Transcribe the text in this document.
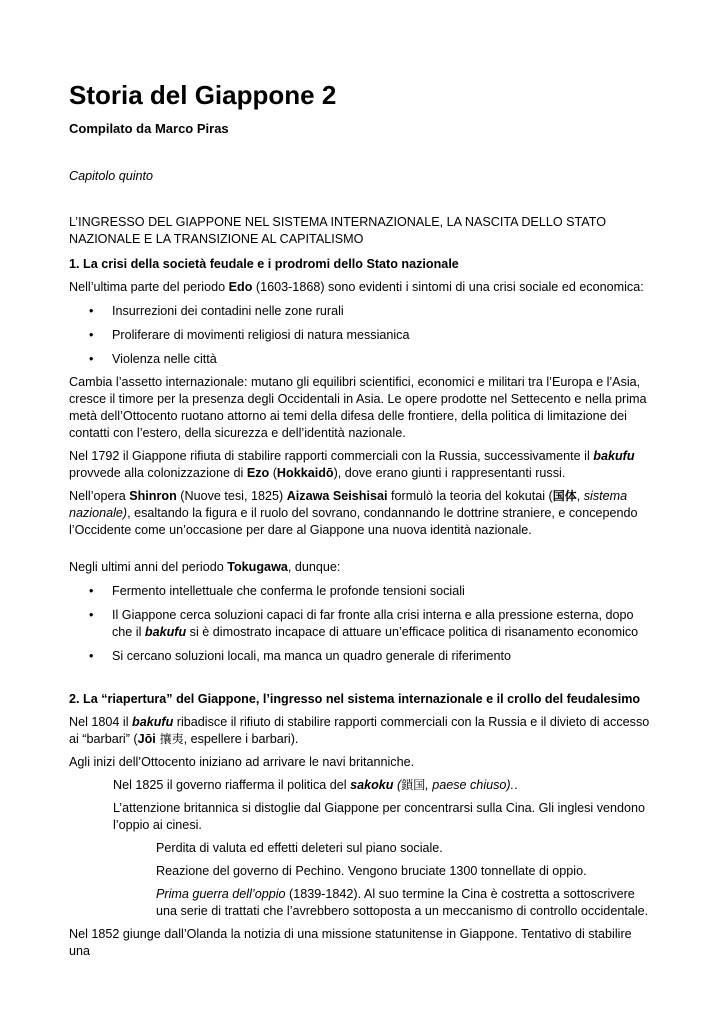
Storia del Giappone 2
Compilato da Marco Piras
Capitolo quinto
L’INGRESSO DEL GIAPPONE NEL SISTEMA INTERNAZIONALE, LA NASCITA DELLO STATO NAZIONALE E LA TRANSIZIONE AL CAPITALISMO
1. La crisi della società feudale e i prodromi dello Stato nazionale

Nell’ultima parte del periodo Edo (1603-1868) sono evidenti i sintomi di una crisi sociale ed economica:

• Insurrezioni dei contadini nelle zone rurali
• Proliferare di movimenti religiosi di natura messianica
• Violenza nelle città

Cambia l’assetto internazionale: mutano gli equilibri scientifici, economici e militari tra l’Europa e l’Asia, cresce il timore per la presenza degli Occidentali in Asia. Le opere prodotte nel Settecento e nella prima metà dell’Ottocento ruotano attorno ai temi della difesa delle frontiere, della politica di limitazione dei contatti con l’estero, della sicurezza e dell’identità nazionale.

Nel 1792 il Giappone rifiuta di stabilire rapporti commerciali con la Russia, successivamente il bakufu provvede alla colonizzazione di Ezo (Hokkaidō), dove erano giunti i rappresentanti russi.

Nell’opera Shinron (Nuove tesi, 1825) Aizawa Seishisai formulò la teoria del kokutai (国体, sistema nazionale), esaltando la figura e il ruolo del sovrano, condannando le dottrine straniere, e concependo l’Occidente come un’occasione per dare al Giappone una nuova identità nazionale.

Negli ultimi anni del periodo Tokugawa, dunque:

• Fermento intellettuale che conferma le profonde tensioni sociali
• Il Giappone cerca soluzioni capaci di far fronte alla crisi interna e alla pressione esterna, dopo che il bakufu si è dimostrato incapace di attuare un’efficace politica di risanamento economico
• Si cercano soluzioni locali, ma manca un quadro generale di riferimento
2. La “riapertura” del Giappone, l’ingresso nel sistema internazionale e il crollo del feudalesimo

Nel 1804 il bakufu ribadisce il rifiuto di stabilire rapporti commerciali con la Russia e il divieto di accesso ai “barbari” (Jōi 攘夷, espellere i barbari).

Agli inizi dell’Ottocento iniziano ad arrivare le navi britanniche.

Nel 1825 il governo riafferma il politica del sakoku (鎖国, paese chiuso)..

L’attenzione britannica si distoglie dal Giappone per concentrarsi sulla Cina. Gli inglesi vendono l’oppio ai cinesi.

Perdita di valuta ed effetti deleteri sul piano sociale.

Reazione del governo di Pechino. Vengono bruciate 1300 tonnellate di oppio.

Prima guerra dell’oppio (1839-1842). Al suo termine la Cina è costretta a sottoscrivere una serie di trattati che l’avrebbero sottoposta a un meccanismo di controllo occidentale.

Nel 1852 giunge dall’Olanda la notizia di una missione statunitense in Giappone. Tentativo di stabilire una
